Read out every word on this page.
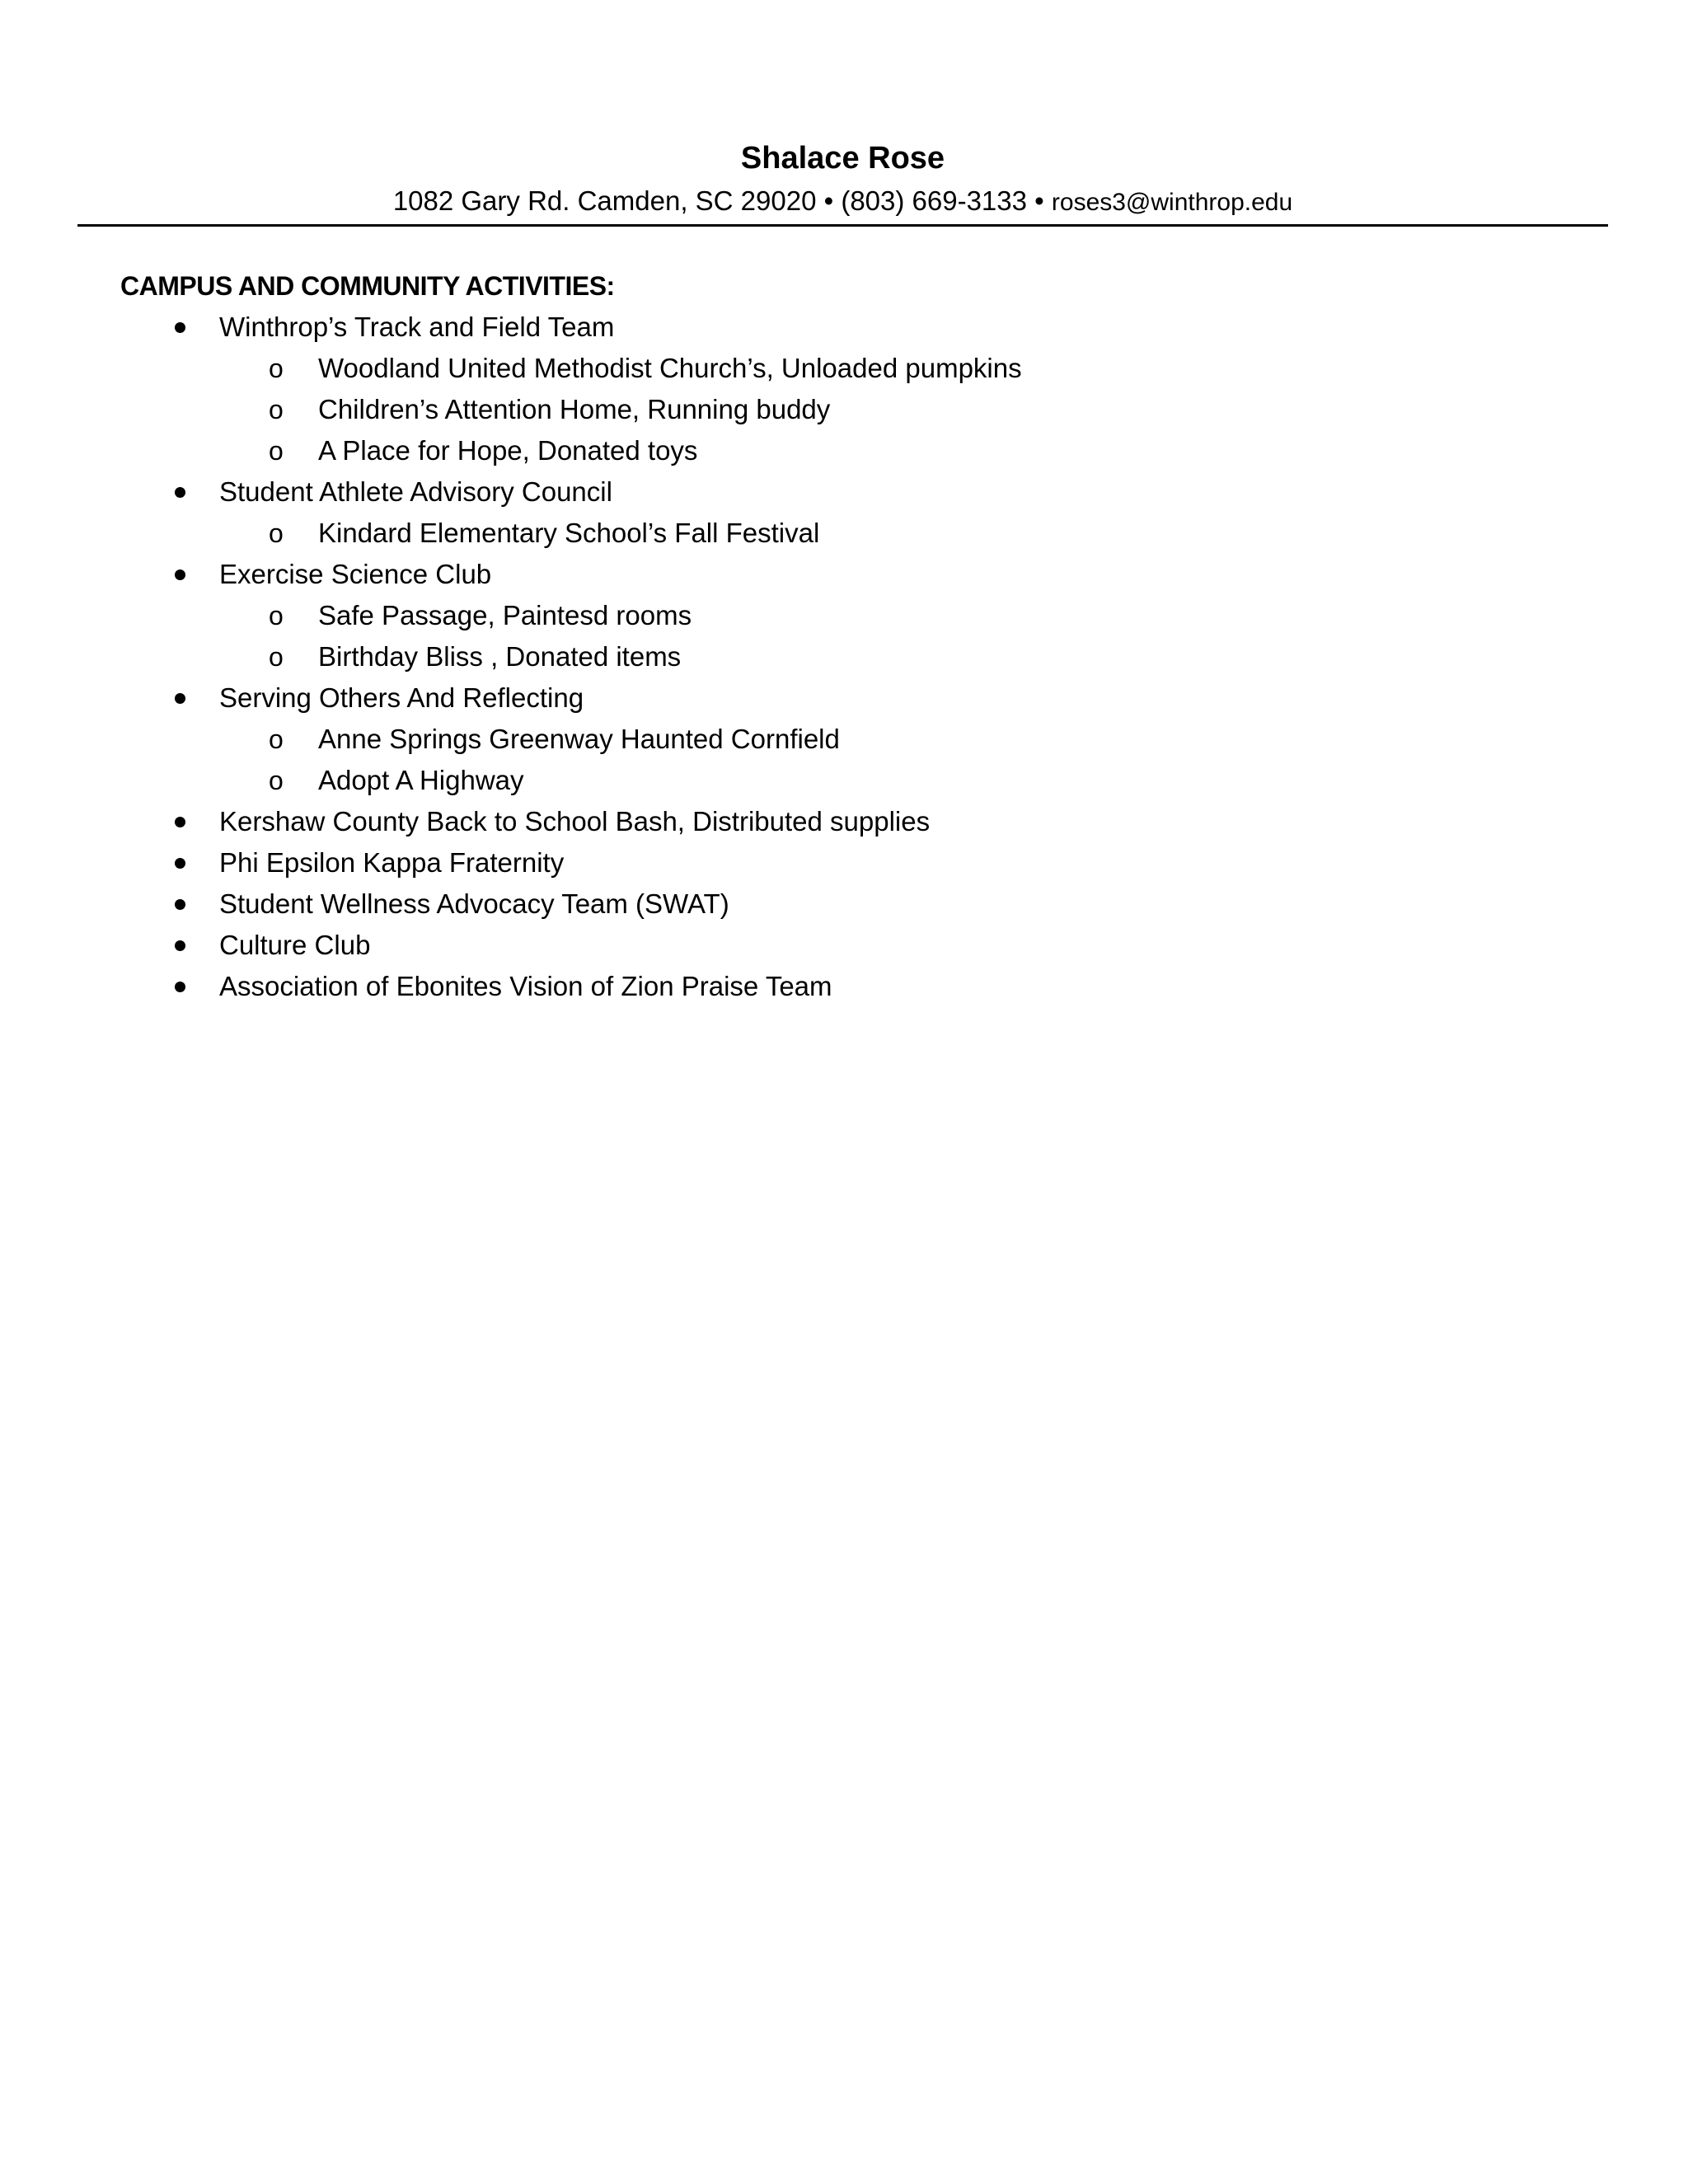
Shalace Rose

1082 Gary Rd. Camden, SC 29020 • (803) 669-3133 • roses3@winthrop.edu

CAMPUS AND COMMUNITY ACTIVITIES:

Winthrop’s Track and Field Team
o Woodland United Methodist Church’s, Unloaded pumpkins
o Children’s Attention Home, Running buddy
o A Place for Hope, Donated toys
Student Athlete Advisory Council
o Kindard Elementary School’s Fall Festival
Exercise Science Club
o Safe Passage, Paintesd rooms
o Birthday Bliss , Donated items
Serving Others And Reflecting
o Anne Springs Greenway Haunted Cornfield
o Adopt A Highway
Kershaw County Back to School Bash, Distributed supplies
Phi Epsilon Kappa Fraternity
Student Wellness Advocacy Team (SWAT)
Culture Club
Association of Ebonites Vision of Zion Praise Team
